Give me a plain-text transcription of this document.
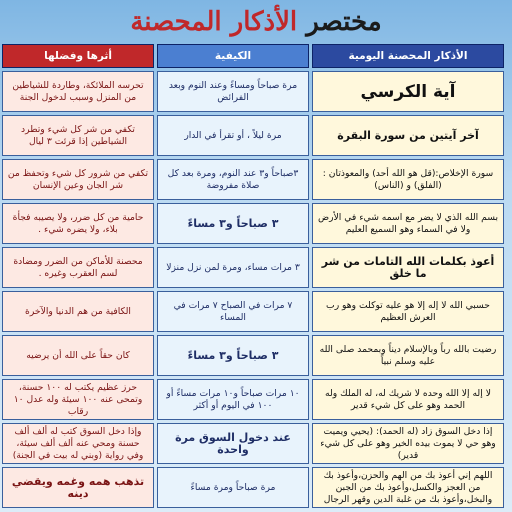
مختصر الأذكار المحصنة
الأذكار المحصنة اليومية
الكيفية
أثرها وفضلها
آية الكرسي
مرة صباحاً ومساءً وعند النوم وبعد الفرائض
تحرسه الملائكة، وطاردة للشياطين من المنزل وسبب لدخول الجنة
آخر آيتين من سورة البقرة
مرة ليلاً ، أو تقرأ في الدار
تكفي من شر كل شيء وتطرد الشياطين إذا قرئت ٣ ليال
سورة الإخلاص:(قل هو الله أحد) والمعوذتان : (الفلق) و (الناس)
٣صباحاً و٣ عند النوم، ومرة بعد كل صلاة مفروضة
تكفي من شرور كل شيء وتحفظ من شر الجان وعين الإنسان
بسم الله الذي لا يضر مع اسمه شيء في الأرض ولا في السماء وهو السميع العليم
٣ صباحاً و٣ مساءً
حامية من كل ضرر، ولا يصيبه فجأة بلاء، ولا يضره شيء .
أعوذ بكلمات الله التامات من شر ما خلق
٣ مرات مساء، ومرة لمن نزل منزلا
محصنة للأماكن من الضرر ومضادة لسم العقرب وغيره .
حسبي الله لا إله إلا هو عليه توكلت وهو رب العرش العظيم
٧ مرات في الصباح ٧ مرات في المساء
الكافية من هم الدنيا والآخرة
رضيت بالله رباً وبالإسلام ديناً وبمحمد صلى الله عليه وسلم نبياً
٣ صباحاً و٣ مساءً
كان حقاً على الله أن يرضيه
لا إله إلا الله وحده لا شريك له، له الملك وله الحمد وهو على كل شيء قدير
١٠ مرات صباحاً و١٠ مرات مساءً أو ١٠٠ في اليوم أو أكثر
حرز عظيم يكتب له ١٠٠ حسنة، وتمحى عنه ١٠٠ سيئة وله عدل ١٠ رقاب
إذا دخل السوق زاد (له الحمد): (يحيي ويميت وهو حي لا يموت بيده الخير وهو على كل شيء قدير)
عند دخول السوق مرة واحدة
وإذا دخل السوق كتب له ألف ألف حسنة ومحي عنه ألف ألف سيئة، وفي رواية (وبني له بيت في الجنة)
اللهم إني أعوذ بك من الهم والحزن،وأعوذ بك من العجز والكسل،وأعوذ بك من الجبن والبخل،وأعوذ بك من غلبة الدين وقهر الرجال
مرة صباحاً ومرة مساءً
تذهب همه وغمه ويقضي دينه
